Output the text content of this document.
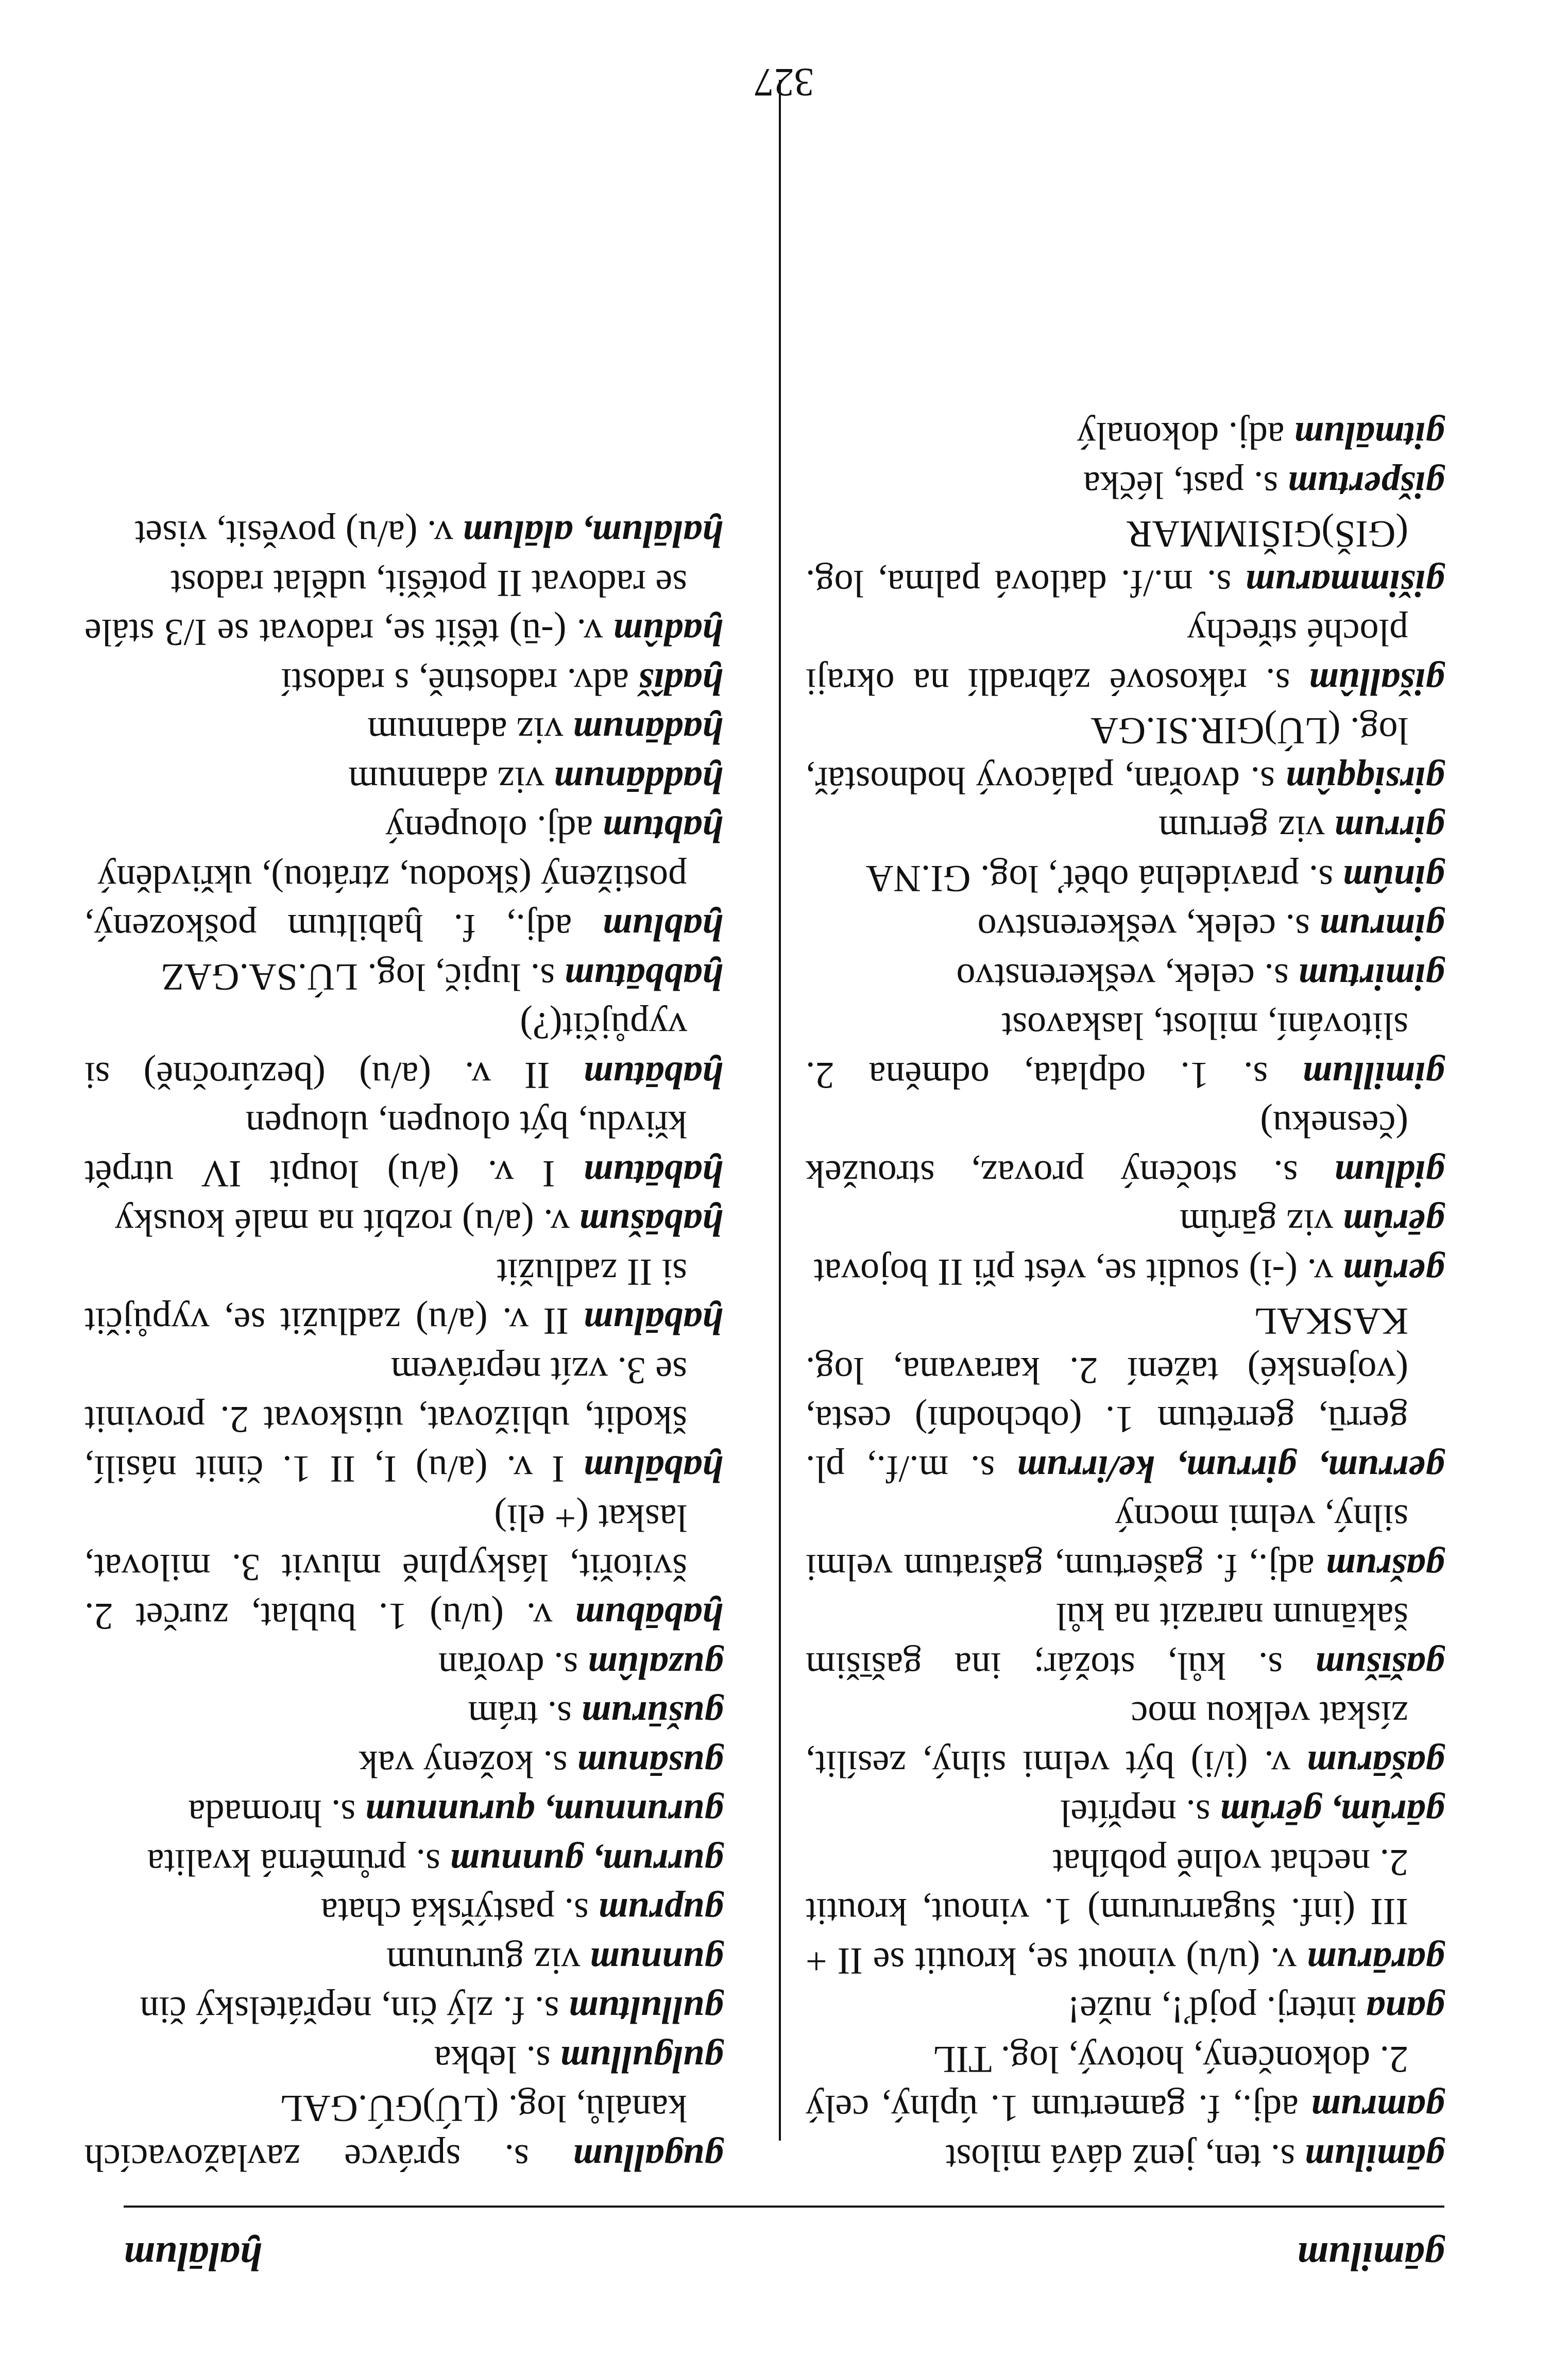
gāmilum
ḫalālum

gāmilum s. ten, jenž dává milost

gamrum adj., f. gamertum 1. úplný, celý 2. dokončený, hotový, log. TIL

gana interj. pojď!, nuže!

garārum v. (u/u) vinout se, kroutit se II + III (inf. šugarrurum) 1. vinout, kroutit 2. nechat volně pobíhat

gārûm, gērûm s. nepřítel

gašārum v. (i/i) být velmi silný, zesílit, získat velkou moc

gašīšum s. kůl, stožár; ina gašīšim šakānum narazit na kůl

gašrum adj., f. gašertum, gašratum velmi silný, velmi mocný

gerrum, girrum, ke/irrum s. m./f., pl. gerrū, gerrētum 1. (obchodní) cesta, (vojenské) tažení 2. karavana, log. KASKAL

gerûm v. (-i) soudit se, vést při II bojovat

gērûm viz gārûm

gidlum s. stočený provaz, stroužek (česneku)

gimillum s. 1. odplata, odměna 2. slitování, milost, laskavost

gimirtum s. celek, veškerenstvo

gimrum s. celek, veškerenstvo

ginûm s. pravidelná oběť, log. GI.NA

girrum viz gerrum

girsiqqûm s. dvořan, palácový hodnostář, log. (LÚ)GIR.SI.GA

gišallûm s. rákosové zábradlí na okraji ploché střechy

gišimmarum s. m./f. datlová palma, log. (GIŠ)GIŠIMMAR

gišpertum s. past, léčka

gitmālum adj. dokonalý

gugallum s. správce zavlažovacích kanálů, log. (LÚ)GÚ.GAL

gulgullum s. lebka

gullultum s. f. zlý čin, nepřátelský čin

gunnum viz gurunum

guprum s. pastýřská chata

gurrum, gunnum s. průměrná kvalita

gurunnum, qurunnum s. hromada

gusānum s. kožený vak

gušūrum s. trám

guzalûm s. dvořan

ḫabābum v. (u/u) 1. bublat, zurčet 2. švitořit, láskyplně mluvit 3. milovat, laskat (+ eli)

ḫabālum I v. (a/u) I, II 1. činit násilí, škodit, ubližovat, utiskovat 2. provinit se 3. vzít neprávem

ḫabālum II v. (a/u) zadlužit se, vypůjčit si II zadlužit

ḫabāšum v. (a/u) rozbít na malé kousky

ḫabātum I v. (a/u) loupit IV utrpět křivdu, být oloupen, uloupen

ḫabātum II v. (a/u) (bezúročně) si vypůjčit(?)

ḫabbātum s. lupič, log. LÚ.SA.GAZ

ḫablum adj., f. ḫabiltum poškozený, postižený (škodou, ztrátou), ukřivděný

ḫabtum adj. oloupený

ḫaddānum viz adannum

ḫadānum viz adannum

ḫadîš adv. radostně, s radostí

ḫadûm v. (-ū) těšit se, radovat se I/3 stále se radovat II potěšit, udělat radost

ḫalālum, alālum v. (a/u) pověsit, viset

327
